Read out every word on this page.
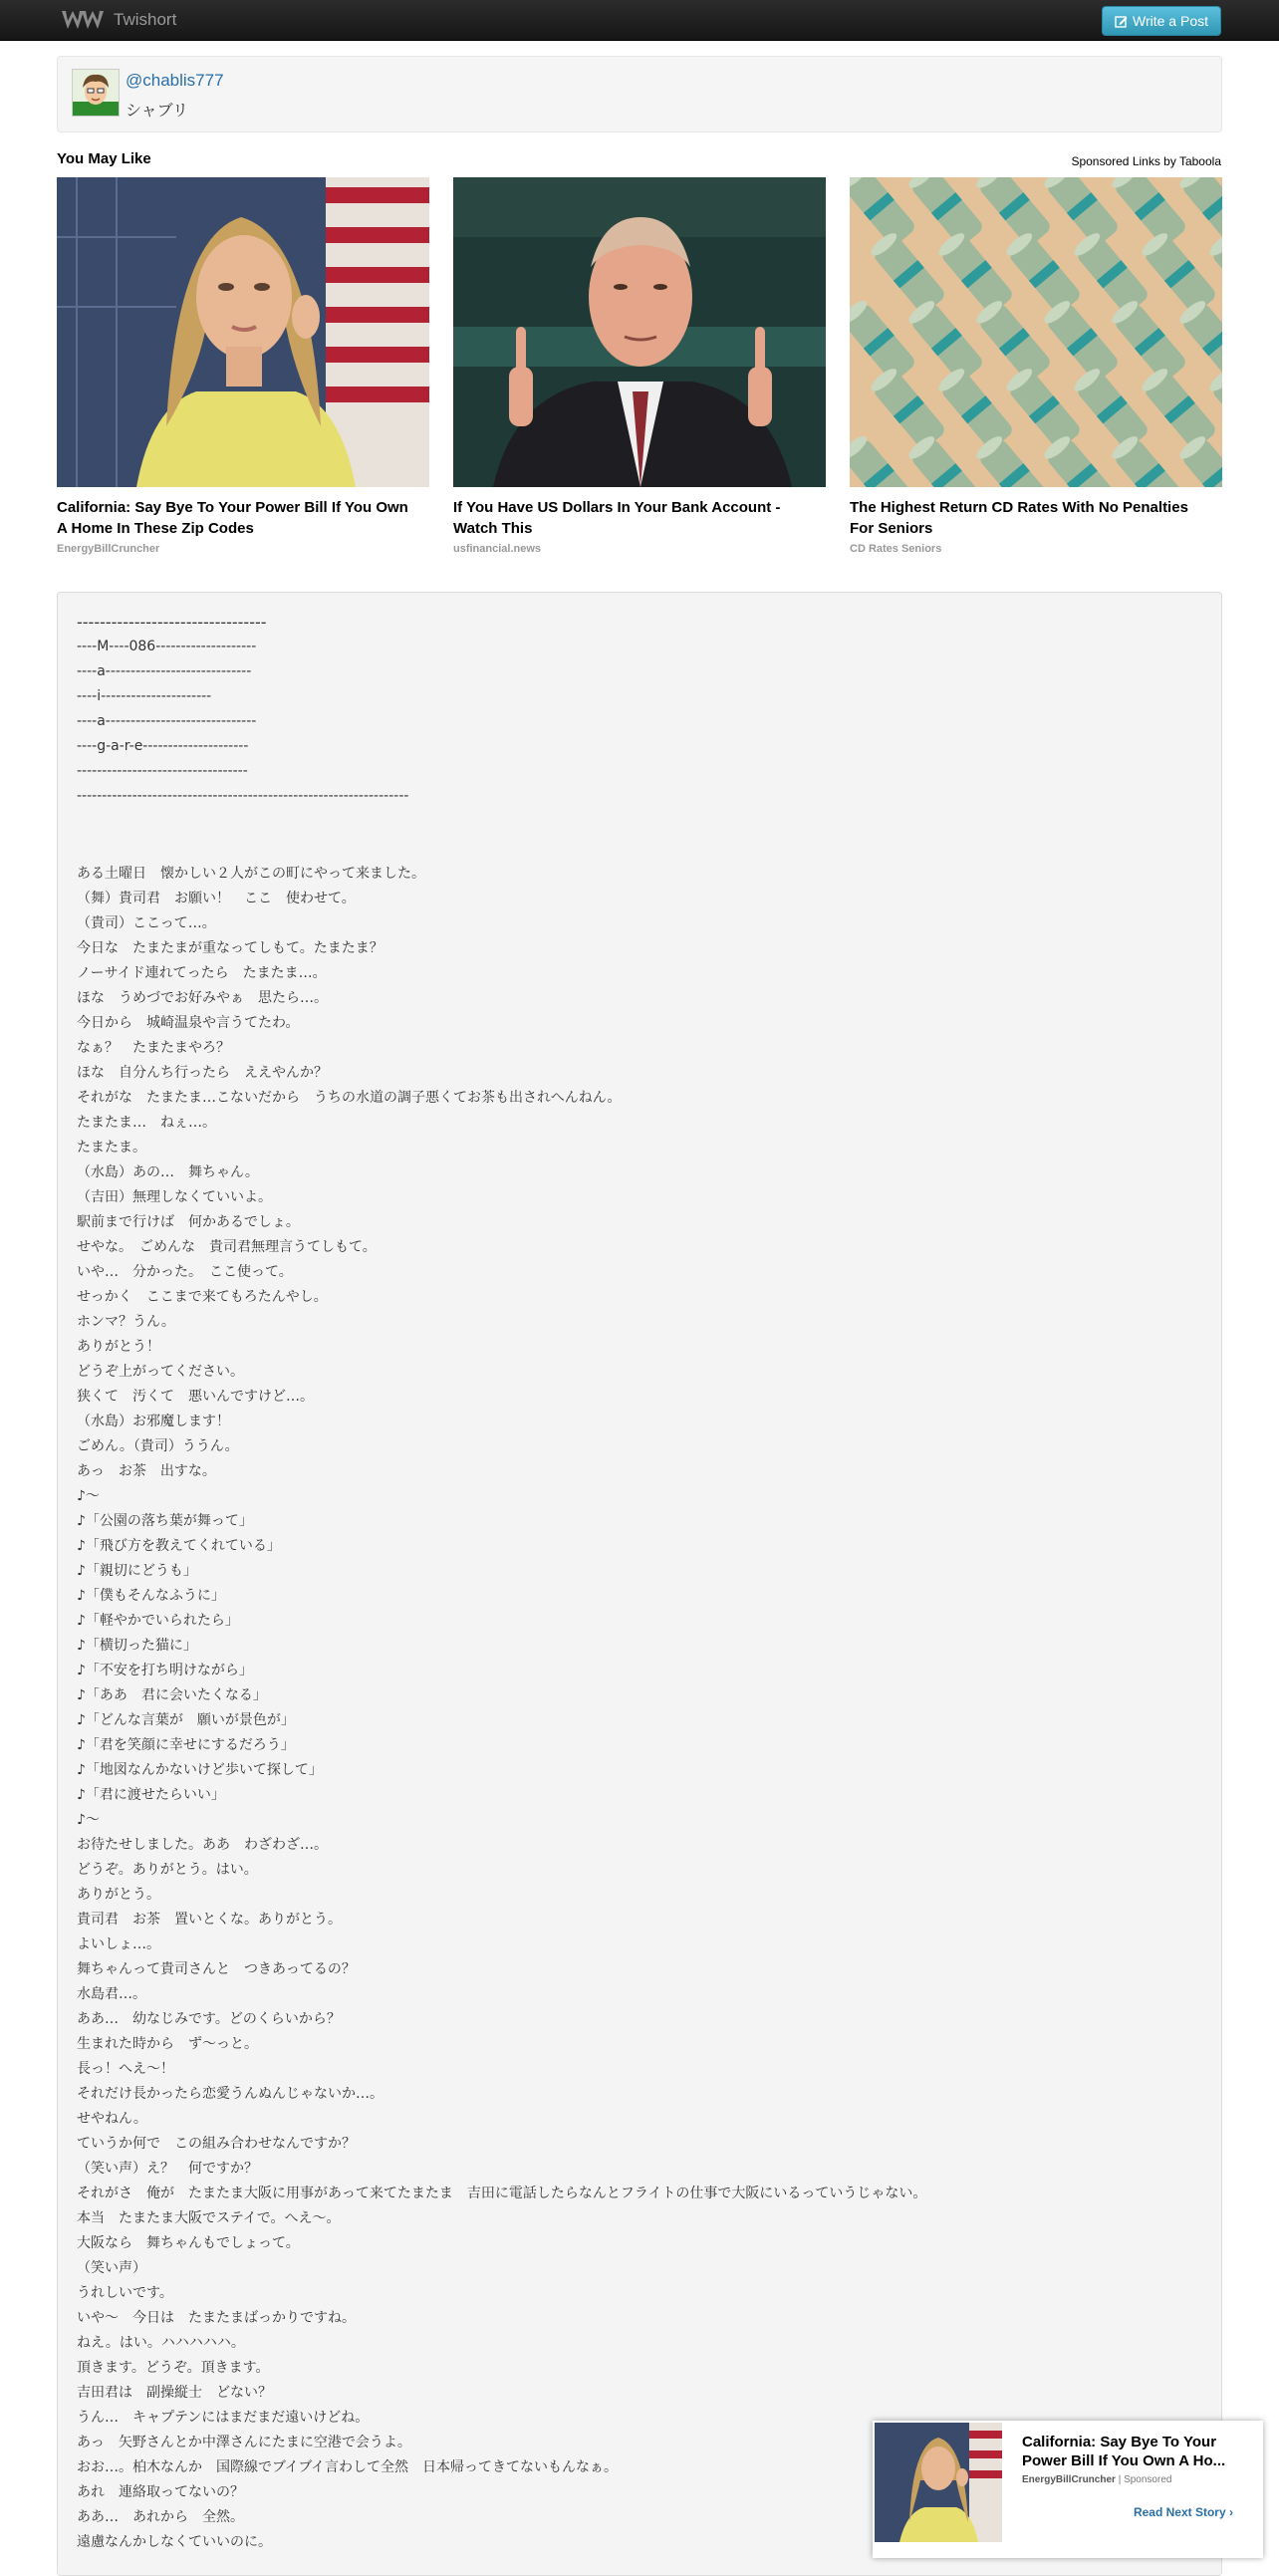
Twishort	Write a Post
@chablis777
シャブリ
You May Like	Sponsored Links by Taboola
California: Say Bye To Your Power Bill If You Own
A Home In These Zip Codes
EnergyBillCruncher
If You Have US Dollars In Your Bank Account -
Watch This
usfinancial.news
The Highest Return CD Rates With No Penalties
For Seniors
CD Rates Seniors
---------------------------------
----M----086--------------------
----a-----------------------------
----i----------------------
----a------------------------------
----g-a-r-e---------------------
----------------------------------
------------------------------------------------------------------
ある土曜日　懐かしい２人がこの町にやって来ました。
（舞）貴司君　お願い！　ここ　使わせて。
（貴司）ここって…。
今日な　たまたまが重なってしもて。たまたま？
ノーサイド連れてったら　たまたま…。
ほな　うめづでお好みやぁ　思たら…。
今日から　城崎温泉や言うてたわ。
なぁ？　たまたまやろ？
ほな　自分んち行ったら　ええやんか？
それがな　たまたま…こないだから　うちの水道の調子悪くてお茶も出されへんねん。
たまたま…　ねぇ…。
たまたま。
（水島）あの…　舞ちゃん。
（吉田）無理しなくていいよ。
駅前まで行けば　何かあるでしょ。
せやな。　ごめんな　貴司君無理言うてしもて。
いや…　分かった。　ここ使って。
せっかく　ここまで来てもろたんやし。
ホンマ？うん。
ありがとう！
どうぞ上がってください。
狭くて　汚くて　悪いんですけど…。
（水島）お邪魔します！
ごめん。（貴司）ううん。
あっ　お茶　出すな。
♪～
♪「公園の落ち葉が舞って」
♪「飛び方を教えてくれている」
♪「親切にどうも」
♪「僕もそんなふうに」
♪「軽やかでいられたら」
♪「横切った猫に」
♪「不安を打ち明けながら」
♪「ああ　君に会いたくなる」
♪「どんな言葉が　願いが景色が」
♪「君を笑顔に幸せにするだろう」
♪「地図なんかないけど歩いて探して」
♪「君に渡せたらいい」
♪～
お待たせしました。ああ　わざわざ…。
どうぞ。ありがとう。はい。
ありがとう。
貴司君　お茶　置いとくな。ありがとう。
よいしょ…。
舞ちゃんって貴司さんと　つきあってるの？
水島君…。
ああ…　幼なじみです。どのくらいから？
生まれた時から　ず～っと。
長っ！へえ～！
それだけ長かったら恋愛うんぬんじゃないか…。
せやねん。
ていうか何で　この組み合わせなんですか？
（笑い声）え？　何ですか？
それがさ　俺が　たまたま大阪に用事があって来てたまたま　吉田に電話したらなんとフライトの仕事で大阪にいるっていうじゃない。
本当　たまたま大阪でステイで。へえ～。
大阪なら　舞ちゃんもでしょって。
（笑い声）
うれしいです。
いや～　今日は　たまたまばっかりですね。
ねえ。はい。ハハハハハ。
頂きます。どうぞ。頂きます。
吉田君は　副操縦士　どない？
うん…　キャプテンにはまだまだ遠いけどね。
あっ　矢野さんとか中澤さんにたまに空港で会うよ。
おお…。柏木なんか　国際線でブイブイ言わして全然　日本帰ってきてないもんなぁ。
あれ　連絡取ってないの？
ああ…　あれから　全然。
遠慮なんかしなくていいのに。
California: Say Bye To Your
Power Bill If You Own A Ho...
EnergyBillCruncher | Sponsored
Read Next Story ›
